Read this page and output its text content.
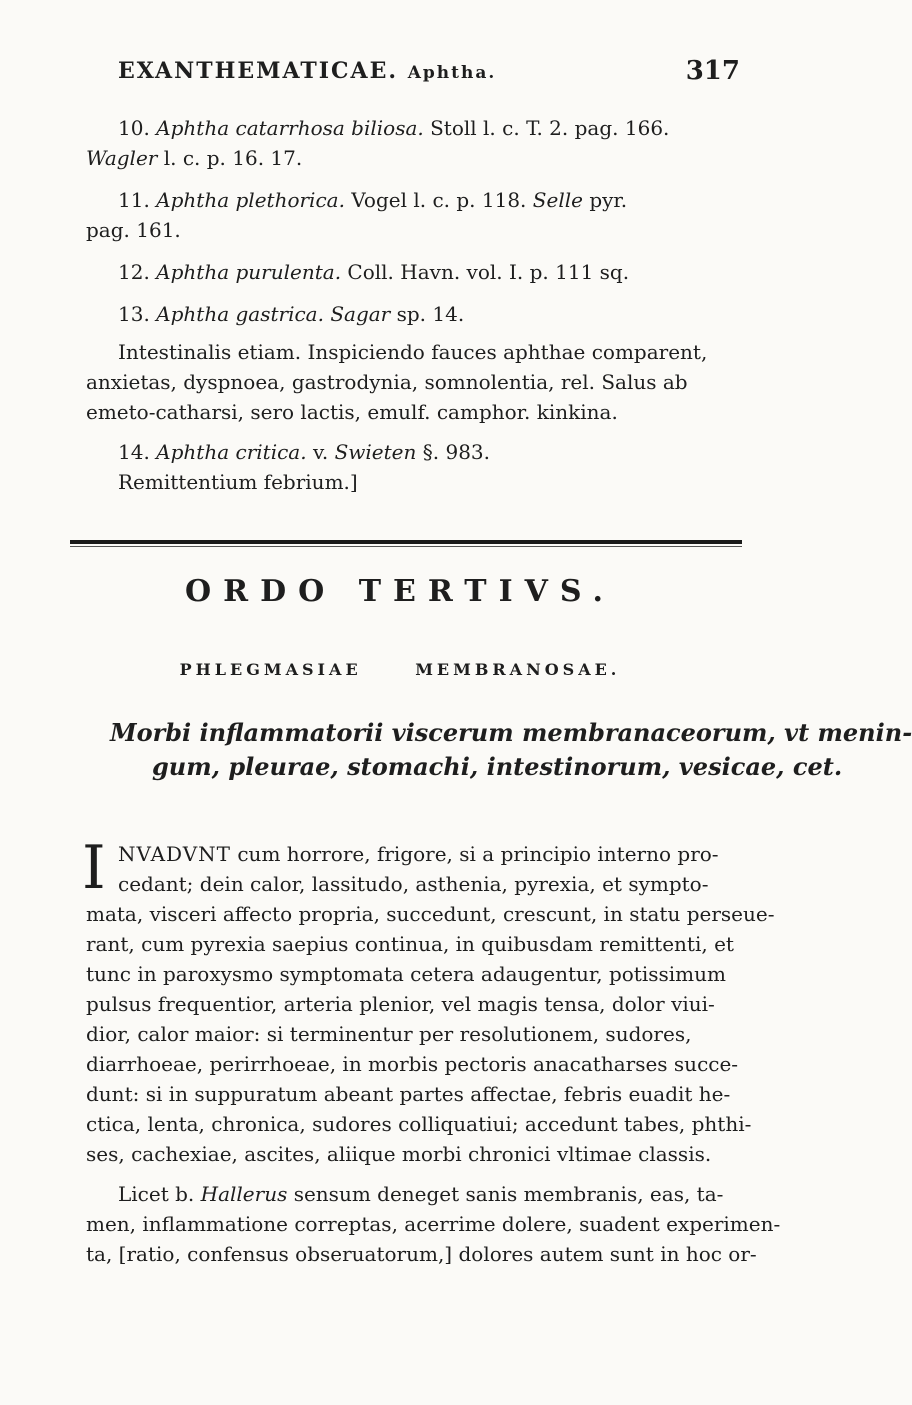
EXANTHEMATICAE. Aphtha.	317
10. Aphtha catarrhosa biliosa. Stoll l. c. T. 2. pag. 166.
Wagler l. c. p. 16. 17.
11. Aphtha plethorica. Vogel l. c. p. 118. Selle pyr.
pag. 161.
12. Aphtha purulenta. Coll. Havn. vol. I. p. 111 sq.
13. Aphtha gastrica. Sagar sp. 14.
Intestinalis etiam. Inspiciendo fauces aphthae comparent,
anxietas, dyspnoea, gastrodynia, somnolentia, rel. Salus ab
emeto-catharsi, sero lactis, emulf. camphor. kinkina.
14. Aphtha critica. v. Swieten §. 983.
Remittentium febrium.]
ORDO TERTIVS.
PHLEGMASIAE	MEMBRANOSAE.
Morbi inflammatorii viscerum membranaceorum, vt menin-
gum, pleurae, stomachi, intestinorum, vesicae, cet.
I NVADVNT cum horrore, frigore, si a principio interno pro-
cedant; dein calor, lassitudo, asthenia, pyrexia, et sympto-
mata, visceri affecto propria, succedunt, crescunt, in statu perseue-
rant, cum pyrexia saepius continua, in quibusdam remittenti, et
tunc in paroxysmo symptomata cetera adaugentur, potissimum
pulsus frequentior, arteria plenior, vel magis tensa, dolor viui-
dior, calor maior: si terminentur per resolutionem, sudores,
diarrhoeae, perirrhoeae, in morbis pectoris anacatharses succe-
dunt: si in suppuratum abeant partes affectae, febris euadit he-
ctica, lenta, chronica, sudores colliquatiui; accedunt tabes, phthi-
ses, cachexiae, ascites, aliique morbi chronici vltimae classis.
Licet b. Hallerus sensum deneget sanis membranis, eas, ta-
men, inflammatione correptas, acerrime dolere, suadent experimen-
ta, [ratio, confensus obseruatorum,] dolores autem sunt in hoc or-
